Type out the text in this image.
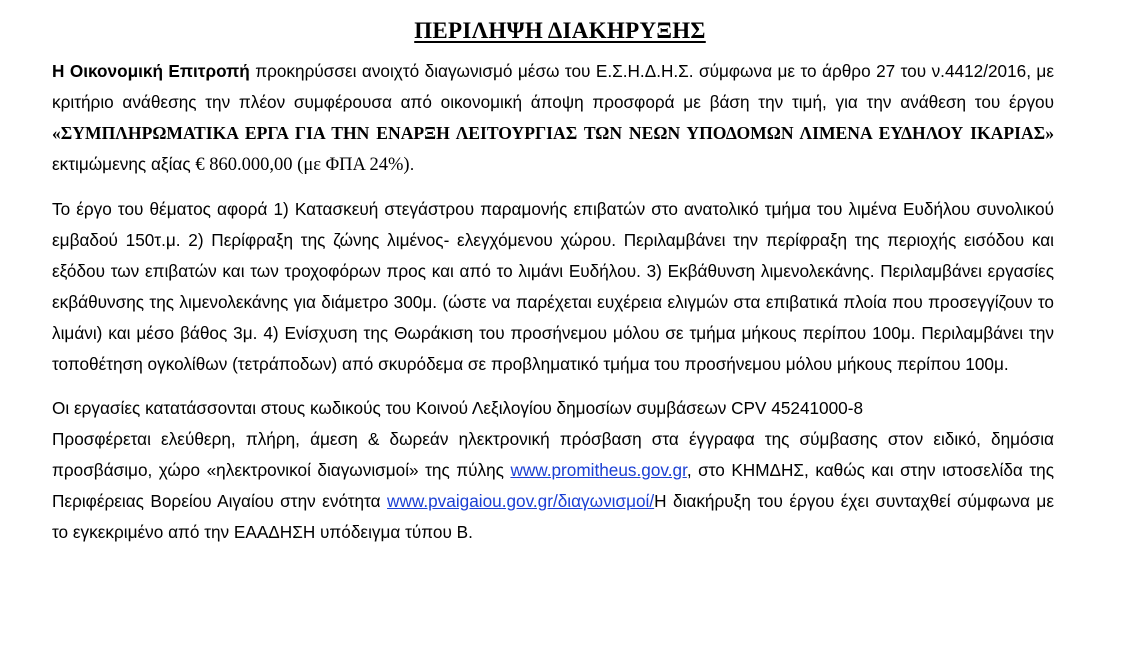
ΠΕΡΙΛΗΨΗ ΔΙΑΚΗΡΥΞΗΣ

Η Οικονομική Επιτροπή προκηρύσσει ανοιχτό διαγωνισμό μέσω του Ε.Σ.Η.Δ.Η.Σ. σύμφωνα με το άρθρο 27 του ν.4412/2016, με κριτήριο ανάθεσης την πλέον συμφέρουσα από οικονομική άποψη προσφορά με βάση την τιμή, για την ανάθεση του έργου «ΣΥΜΠΛΗΡΩΜΑΤΙΚΑ ΕΡΓΑ ΓΙΑ ΤΗΝ ΕΝΑΡΞΗ ΛΕΙΤΟΥΡΓΙΑΣ ΤΩΝ ΝΕΩΝ ΥΠΟΔΟΜΩΝ ΛΙΜΕΝΑ ΕΥΔΗΛΟΥ ΙΚΑΡΙΑΣ» εκτιμώμενης αξίας € 860.000,00 (με ΦΠΑ 24%).

Το έργο του θέματος αφορά 1) Κατασκευή στεγάστρου παραμονής επιβατών στο ανατολικό τμήμα του λιμένα Ευδήλου συνολικού εμβαδού 150τ.μ. 2) Περίφραξη της ζώνης λιμένος- ελεγχόμενου χώρου. Περιλαμβάνει την περίφραξη της περιοχής εισόδου και εξόδου των επιβατών και των τροχοφόρων προς και από το λιμάνι Ευδήλου. 3) Εκβάθυνση λιμενολεκάνης. Περιλαμβάνει εργασίες εκβάθυνσης της λιμενολεκάνης για διάμετρο 300μ. (ώστε να παρέχεται ευχέρεια ελιγμών στα επιβατικά πλοία που προσεγγίζουν το λιμάνι) και μέσο βάθος 3μ. 4) Ενίσχυση της Θωράκιση του προσήνεμου μόλου σε τμήμα μήκους περίπου 100μ. Περιλαμβάνει την τοποθέτηση ογκολίθων (τετράποδων) από σκυρόδεμα σε προβληματικό τμήμα του προσήνεμου μόλου μήκους περίπου 100μ.

Οι εργασίες κατατάσσονται στους κωδικούς του Κοινού Λεξιλογίου δημοσίων συμβάσεων CPV 45241000-8
Προσφέρεται ελεύθερη, πλήρη, άμεση & δωρεάν ηλεκτρονική πρόσβαση στα έγγραφα της σύμβασης στον ειδικό, δημόσια προσβάσιμο, χώρο «ηλεκτρονικοί διαγωνισμοί» της πύλης www.promitheus.gov.gr, στο ΚΗΜΔΗΣ, καθώς και στην ιστοσελίδα της Περιφέρειας Βορείου Αιγαίου στην ενότητα www.pvaigaiou.gov.gr/διαγωνισμοί/Η διακήρυξη του έργου έχει συνταχθεί σύμφωνα με το εγκεκριμένο από την ΕΑΑΔΗΣΗ υπόδειγμα τύπου Β.
